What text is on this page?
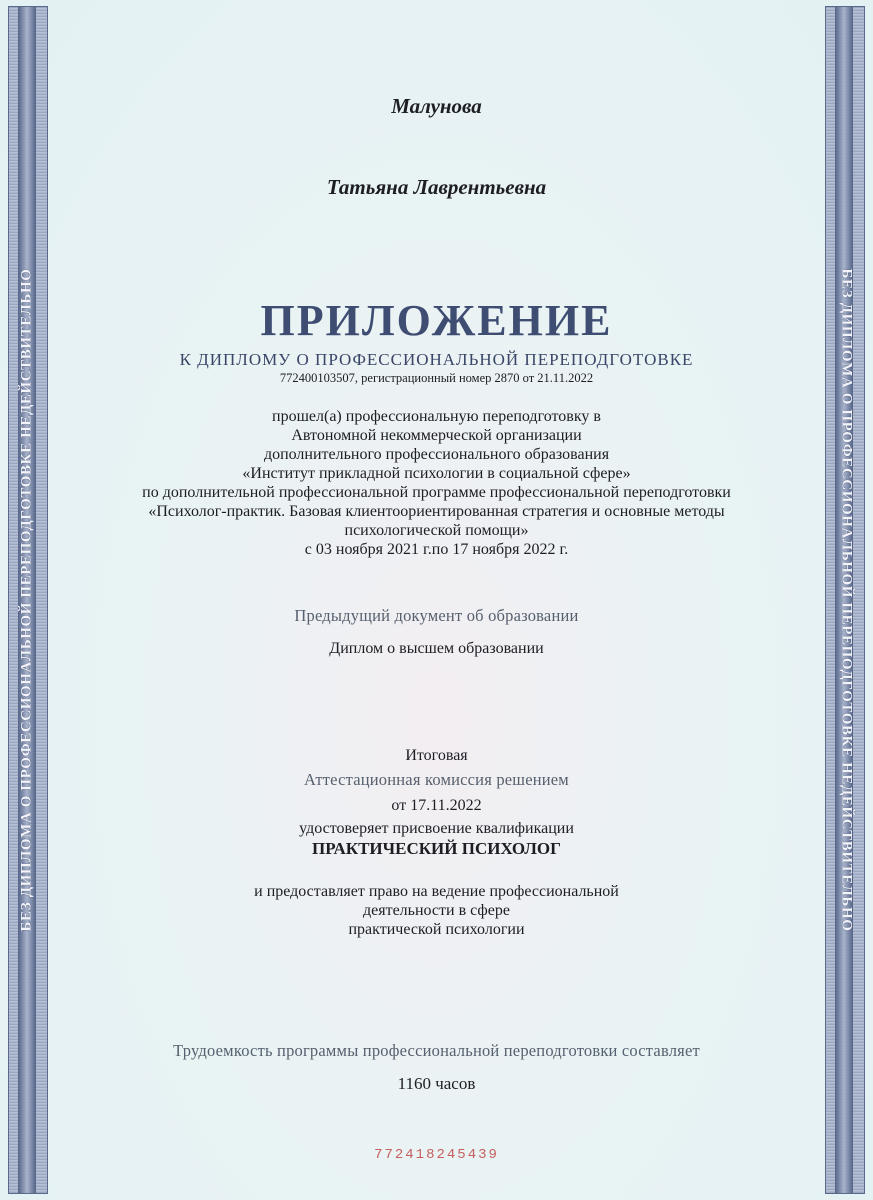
БЕЗ ДИПЛОМА О ПРОФЕССИОНАЛЬНОЙ ПЕРЕПОДГОТОВКЕ НЕДЕЙСТВИТЕЛЬНО	БЕЗ ДИПЛОМА О ПРОФЕССИОНАЛЬНОЙ ПЕРЕПОДГОТОВКЕ НЕДЕЙСТВИТЕЛЬНО
Малунова
Татьяна Лаврентьевна
ПРИЛОЖЕНИЕ
К ДИПЛОМУ О ПРОФЕССИОНАЛЬНОЙ ПЕРЕПОДГОТОВКЕ
772400103507, регистрационный номер 2870 от 21.11.2022
прошел(а) профессиональную переподготовку в
Автономной некоммерческой организации
дополнительного профессионального образования
«Институт прикладной психологии в социальной сфере»
по дополнительной профессиональной программе профессиональной переподготовки
«Психолог-практик. Базовая клиентоориентированная стратегия и основные методы
психологической помощи»
с 03 ноября 2021 г.по 17 ноября 2022 г.
Предыдущий документ об образовании
Диплом о высшем образовании
Итоговая
Аттестационная комиссия решением
от 17.11.2022
удостоверяет присвоение квалификации
ПРАКТИЧЕСКИЙ ПСИХОЛОГ
и предоставляет право на ведение профессиональной
деятельности в сфере
практической психологии
Трудоемкость программы профессиональной переподготовки составляет
1160 часов
772418245439
